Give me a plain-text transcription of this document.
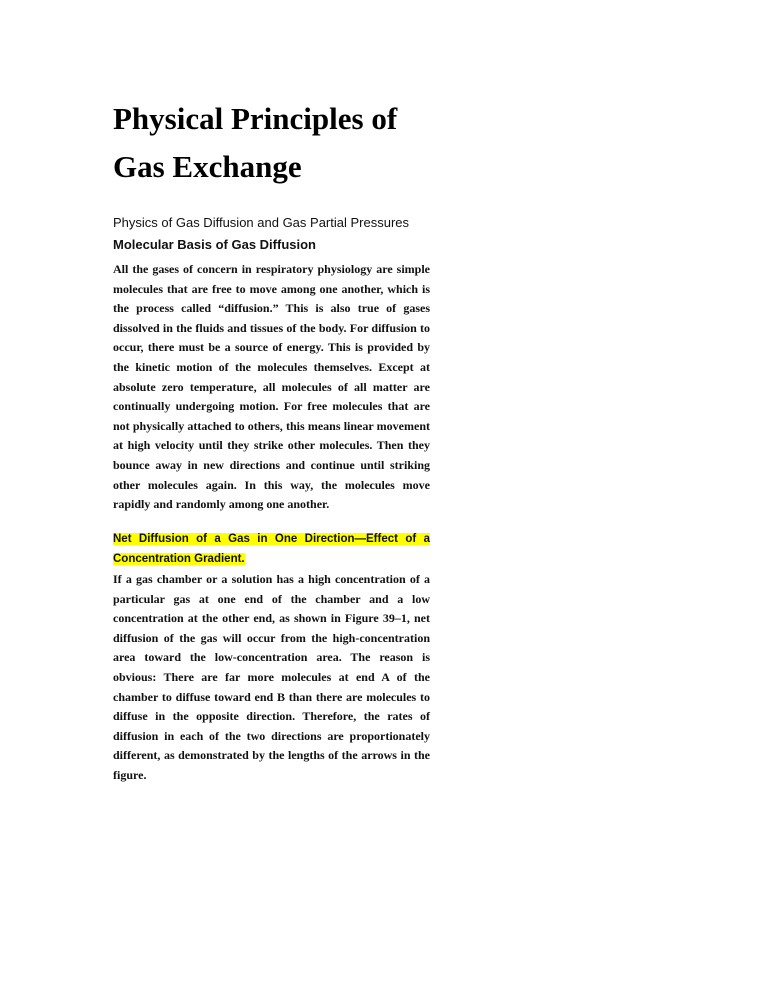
Physical Principles of
Gas Exchange

Physics of Gas Diffusion and Gas Partial Pressures

Molecular Basis of Gas Diffusion

All the gases of concern in respiratory physiology are simple molecules that are free to move among one another, which is the process called “diffusion.” This is also true of gases dissolved in the fluids and tissues of the body. For diffusion to occur, there must be a source of energy. This is provided by the kinetic motion of the molecules themselves. Except at absolute zero temperature, all molecules of all matter are continually undergoing motion. For free molecules that are not physically attached to others, this means linear movement at high velocity until they strike other molecules. Then they bounce away in new directions and continue until striking other molecules again. In this way, the molecules move rapidly and randomly among one another.

Net Diffusion of a Gas in One Direction—Effect of a Concentration Gradient.

If a gas chamber or a solution has a high concentration of a particular gas at one end of the chamber and a low concentration at the other end, as shown in Figure 39–1, net diffusion of the gas will occur from the high-concentration area toward the low-concentration area. The reason is obvious: There are far more molecules at end A of the chamber to diffuse toward end B than there are molecules to diffuse in the opposite direction. Therefore, the rates of diffusion in each of the two directions are proportionately different, as demonstrated by the lengths of the arrows in the figure.
